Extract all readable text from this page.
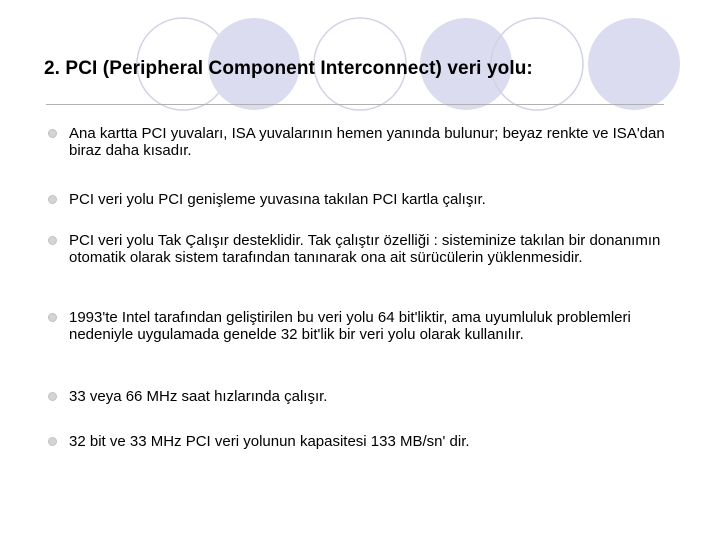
2. PCI (Peripheral Component Interconnect) veri yolu:

Ana kartta PCI yuvaları, ISA yuvalarının hemen yanında bulunur; beyaz renkte ve ISA'dan biraz daha kısadır.

PCI veri yolu PCI genişleme yuvasına takılan PCI kartla çalışır.

PCI veri yolu Tak Çalışır desteklidir. Tak çalıştır özelliği : sisteminize takılan bir donanımın otomatik olarak sistem tarafından tanınarak ona ait sürücülerin yüklenmesidir.

1993'te Intel tarafından geliştirilen bu veri yolu 64 bit'liktir, ama uyumluluk problemleri nedeniyle uygulamada genelde 32 bit'lik bir veri yolu olarak kullanılır.

33 veya 66 MHz saat hızlarında çalışır.

32 bit ve 33 MHz PCI veri yolunun kapasitesi 133 MB/sn' dir.
